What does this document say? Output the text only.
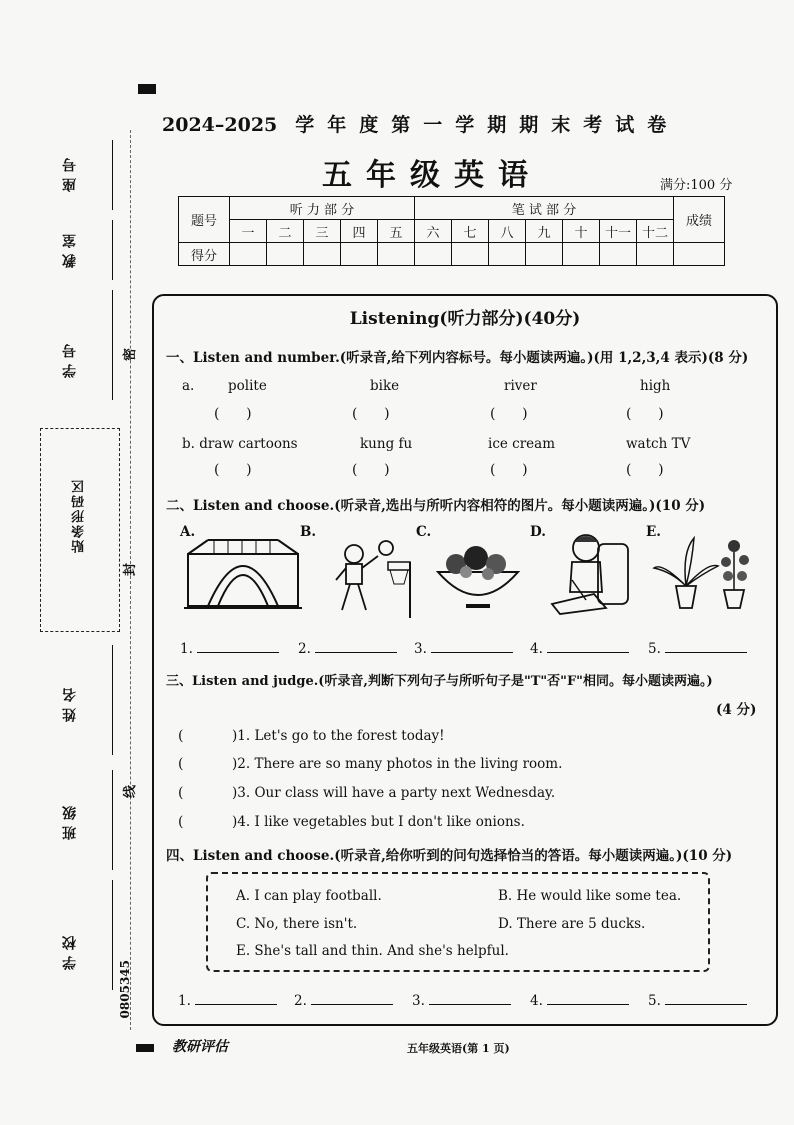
座号
教室
学号
贴条形码区
姓名
班级
学校
密
封
线
0805345
2024–2025 学年度第一学期期末考试卷
五年级英语	满分:100 分
题号	听 力 部 分					笔 试 部 分							成绩
	一	二	三	四	五	六	七	八	九	十	十一	十二	
得分													
Listening(听力部分)(40分)
一、Listen and number.(听录音,给下列内容标号。每小题读两遍。)(用 1,2,3,4 表示)(8 分)
a. polite	bike	river	high
(      )	(      )	(      )	(      )
b. draw cartoons	kung fu	ice cream	watch TV
(      )	(      )	(      )	(      )
二、Listen and choose.(听录音,选出与所听内容相符的图片。每小题读两遍。)(10 分)
A.	B.	C.	D.	E.
1.	2.	3.	4.	5.
三、Listen and judge.(听录音,判断下列句子与所听句子是"T"否"F"相同。每小题读两遍。)
(4 分)
(	)1. Let's go to the forest today!
(	)2. There are so many photos in the living room.
(	)3. Our class will have a party next Wednesday.
(	)4. I like vegetables but I don't like onions.
四、Listen and choose.(听录音,给你听到的问句选择恰当的答语。每小题读两遍。)(10 分)
A. I can play football.	B. He would like some tea.
C. No, there isn't.	D. There are 5 ducks.
E. She's tall and thin. And she's helpful.
1.	2.	3.	4.	5.
教研评估	五年级英语(第 1 页)
